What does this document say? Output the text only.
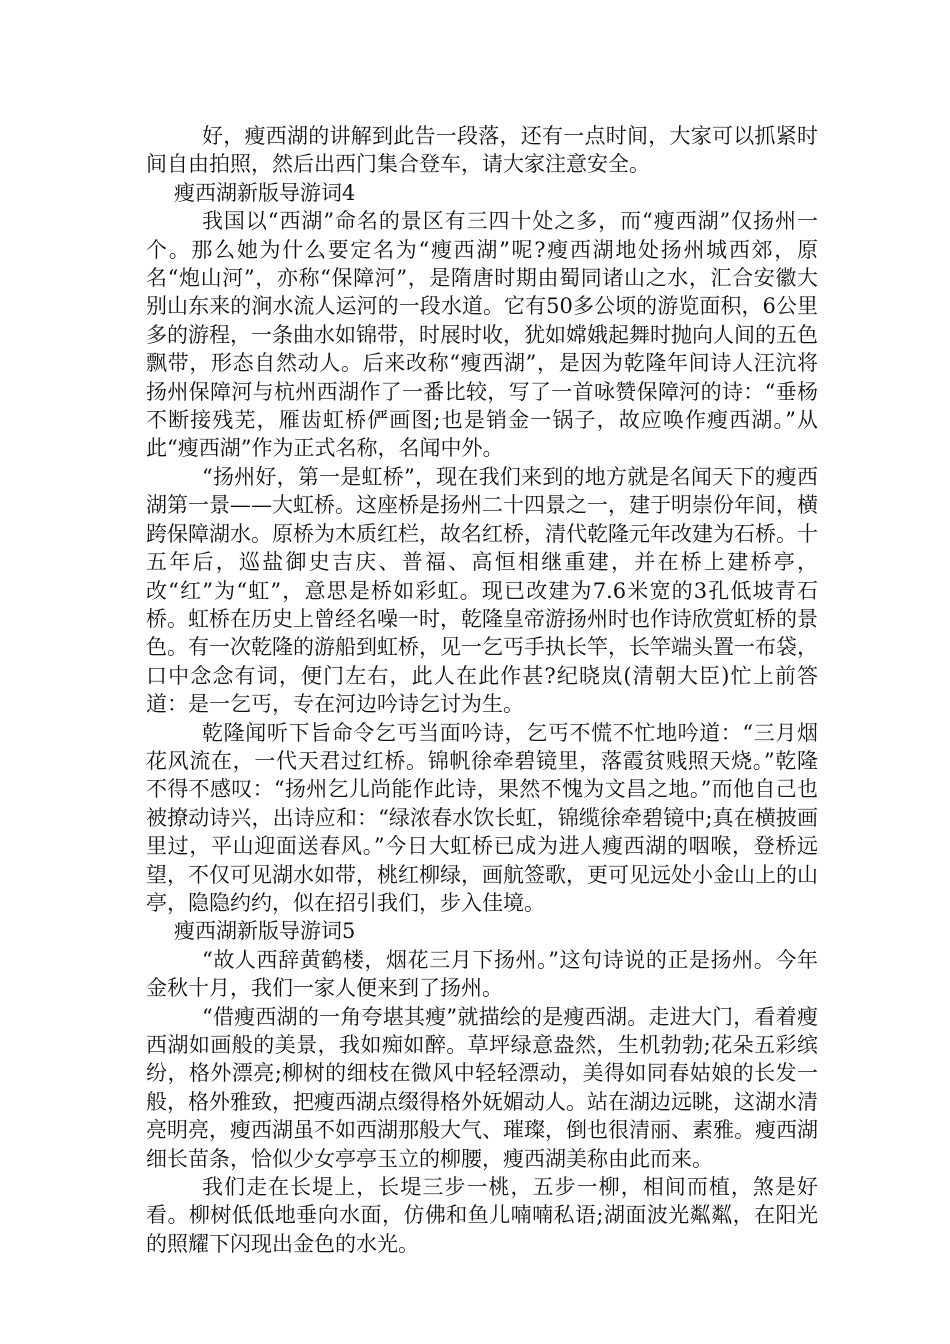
好，瘦西湖的讲解到此告一段落，还有一点时间，大家可以抓紧时间自由拍照，然后出西门集合登车，请大家注意安全。

瘦西湖新版导游词4

我国以“西湖”命名的景区有三四十处之多，而“瘦西湖”仅扬州一个。那么她为什么要定名为“瘦西湖”呢?瘦西湖地处扬州城西郊，原名“炮山河”，亦称“保障河”，是隋唐时期由蜀同诸山之水，汇合安徽大别山东来的涧水流人运河的一段水道。它有50多公顷的游览面积，6公里多的游程，一条曲水如锦带，时展时收，犹如嫦娥起舞时抛向人间的五色飘带，形态自然动人。后来改称“瘦西湖”，是因为乾隆年间诗人汪沆将扬州保障河与杭州西湖作了一番比较，写了一首咏赞保障河的诗：“垂杨不断接残芜，雁齿虹桥俨画图;也是销金一锅子，故应唤作瘦西湖。”从此“瘦西湖”作为正式名称，名闻中外。

“扬州好，第一是虹桥”，现在我们来到的地方就是名闻天下的瘦西湖第一景——大虹桥。这座桥是扬州二十四景之一，建于明崇份年间，横跨保障湖水。原桥为木质红栏，故名红桥，清代乾隆元年改建为石桥。十五年后，巡盐御史吉庆、普福、高恒相继重建，并在桥上建桥亭，改“红”为“虹”，意思是桥如彩虹。现已改建为7.6米宽的3孔低坡青石桥。虹桥在历史上曾经名噪一时，乾隆皇帝游扬州时也作诗欣赏虹桥的景色。有一次乾隆的游船到虹桥，见一乞丐手执长竿，长竿端头置一布袋，口中念念有词，便门左右，此人在此作甚?纪晓岚(清朝大臣)忙上前答道：是一乞丐，专在河边吟诗乞讨为生。

乾隆闻听下旨命令乞丐当面吟诗，乞丐不慌不忙地吟道：“三月烟花风流在，一代天君过红桥。锦帆徐牵碧镜里，落霞贫贱照天烧。”乾隆不得不感叹：“扬州乞儿尚能作此诗，果然不愧为文昌之地。”而他自己也被撩动诗兴，出诗应和：“绿浓春水饮长虹，锦缆徐牵碧镜中;真在横披画里过，平山迎面送春风。”今日大虹桥已成为进人瘦西湖的咽喉，登桥远望，不仅可见湖水如带，桃红柳绿，画航签歌，更可见远处小金山上的山亭，隐隐约约，似在招引我们，步入佳境。

瘦西湖新版导游词5

“故人西辞黄鹤楼，烟花三月下扬州。”这句诗说的正是扬州。今年金秋十月，我们一家人便来到了扬州。

“借瘦西湖的一角夸堪其瘦”就描绘的是瘦西湖。走进大门，看着瘦西湖如画般的美景，我如痴如醉。草坪绿意盎然，生机勃勃;花朵五彩缤纷，格外漂亮;柳树的细枝在微风中轻轻漂动，美得如同春姑娘的长发一般，格外雅致，把瘦西湖点缀得格外妩媚动人。站在湖边远眺，这湖水清亮明亮，瘦西湖虽不如西湖那般大气、璀璨，倒也很清丽、素雅。瘦西湖细长苗条，恰似少女亭亭玉立的柳腰，瘦西湖美称由此而来。

我们走在长堤上，长堤三步一桃，五步一柳，相间而植，煞是好看。柳树低低地垂向水面，仿佛和鱼儿喃喃私语;湖面波光粼粼，在阳光的照耀下闪现出金色的水光。
